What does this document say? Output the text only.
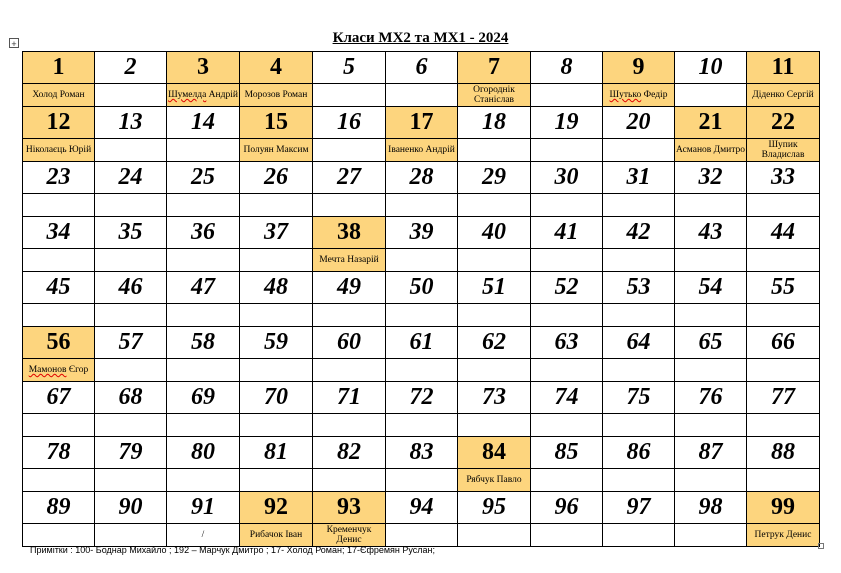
+	Класи МХ2 та МХ1 - 2024
1	2	3	4	5	6	7	8	9	10	11
Холод Роман		Шумелда Андрій	Морозов Роман			Огороднік Станіслав		Шутько Федір		Діденко Сергій
12	13	14	15	16	17	18	19	20	21	22
Ніколаєць Юрій			Полуян Максим		Іваненко Андрій				Асманов Дмитро	Шупик Владислав
23	24	25	26	27	28	29	30	31	32	33

34	35	36	37	38	39	40	41	42	43	44
				Мечта Назарій						
45	46	47	48	49	50	51	52	53	54	55

56	57	58	59	60	61	62	63	64	65	66
Мамонов Єгор										
67	68	69	70	71	72	73	74	75	76	77

78	79	80	81	82	83	84	85	86	87	88
						Рябчук Павло				
89	90	91	92	93	94	95	96	97	98	99
		/	Рибачок Іван	Кременчук Денис						Петрук Денис
Примітки : 100- Боднар Михайло ; 192 – Марчук Дмитро ; 17- Холод Роман; 17-Єфремян Руслан;
